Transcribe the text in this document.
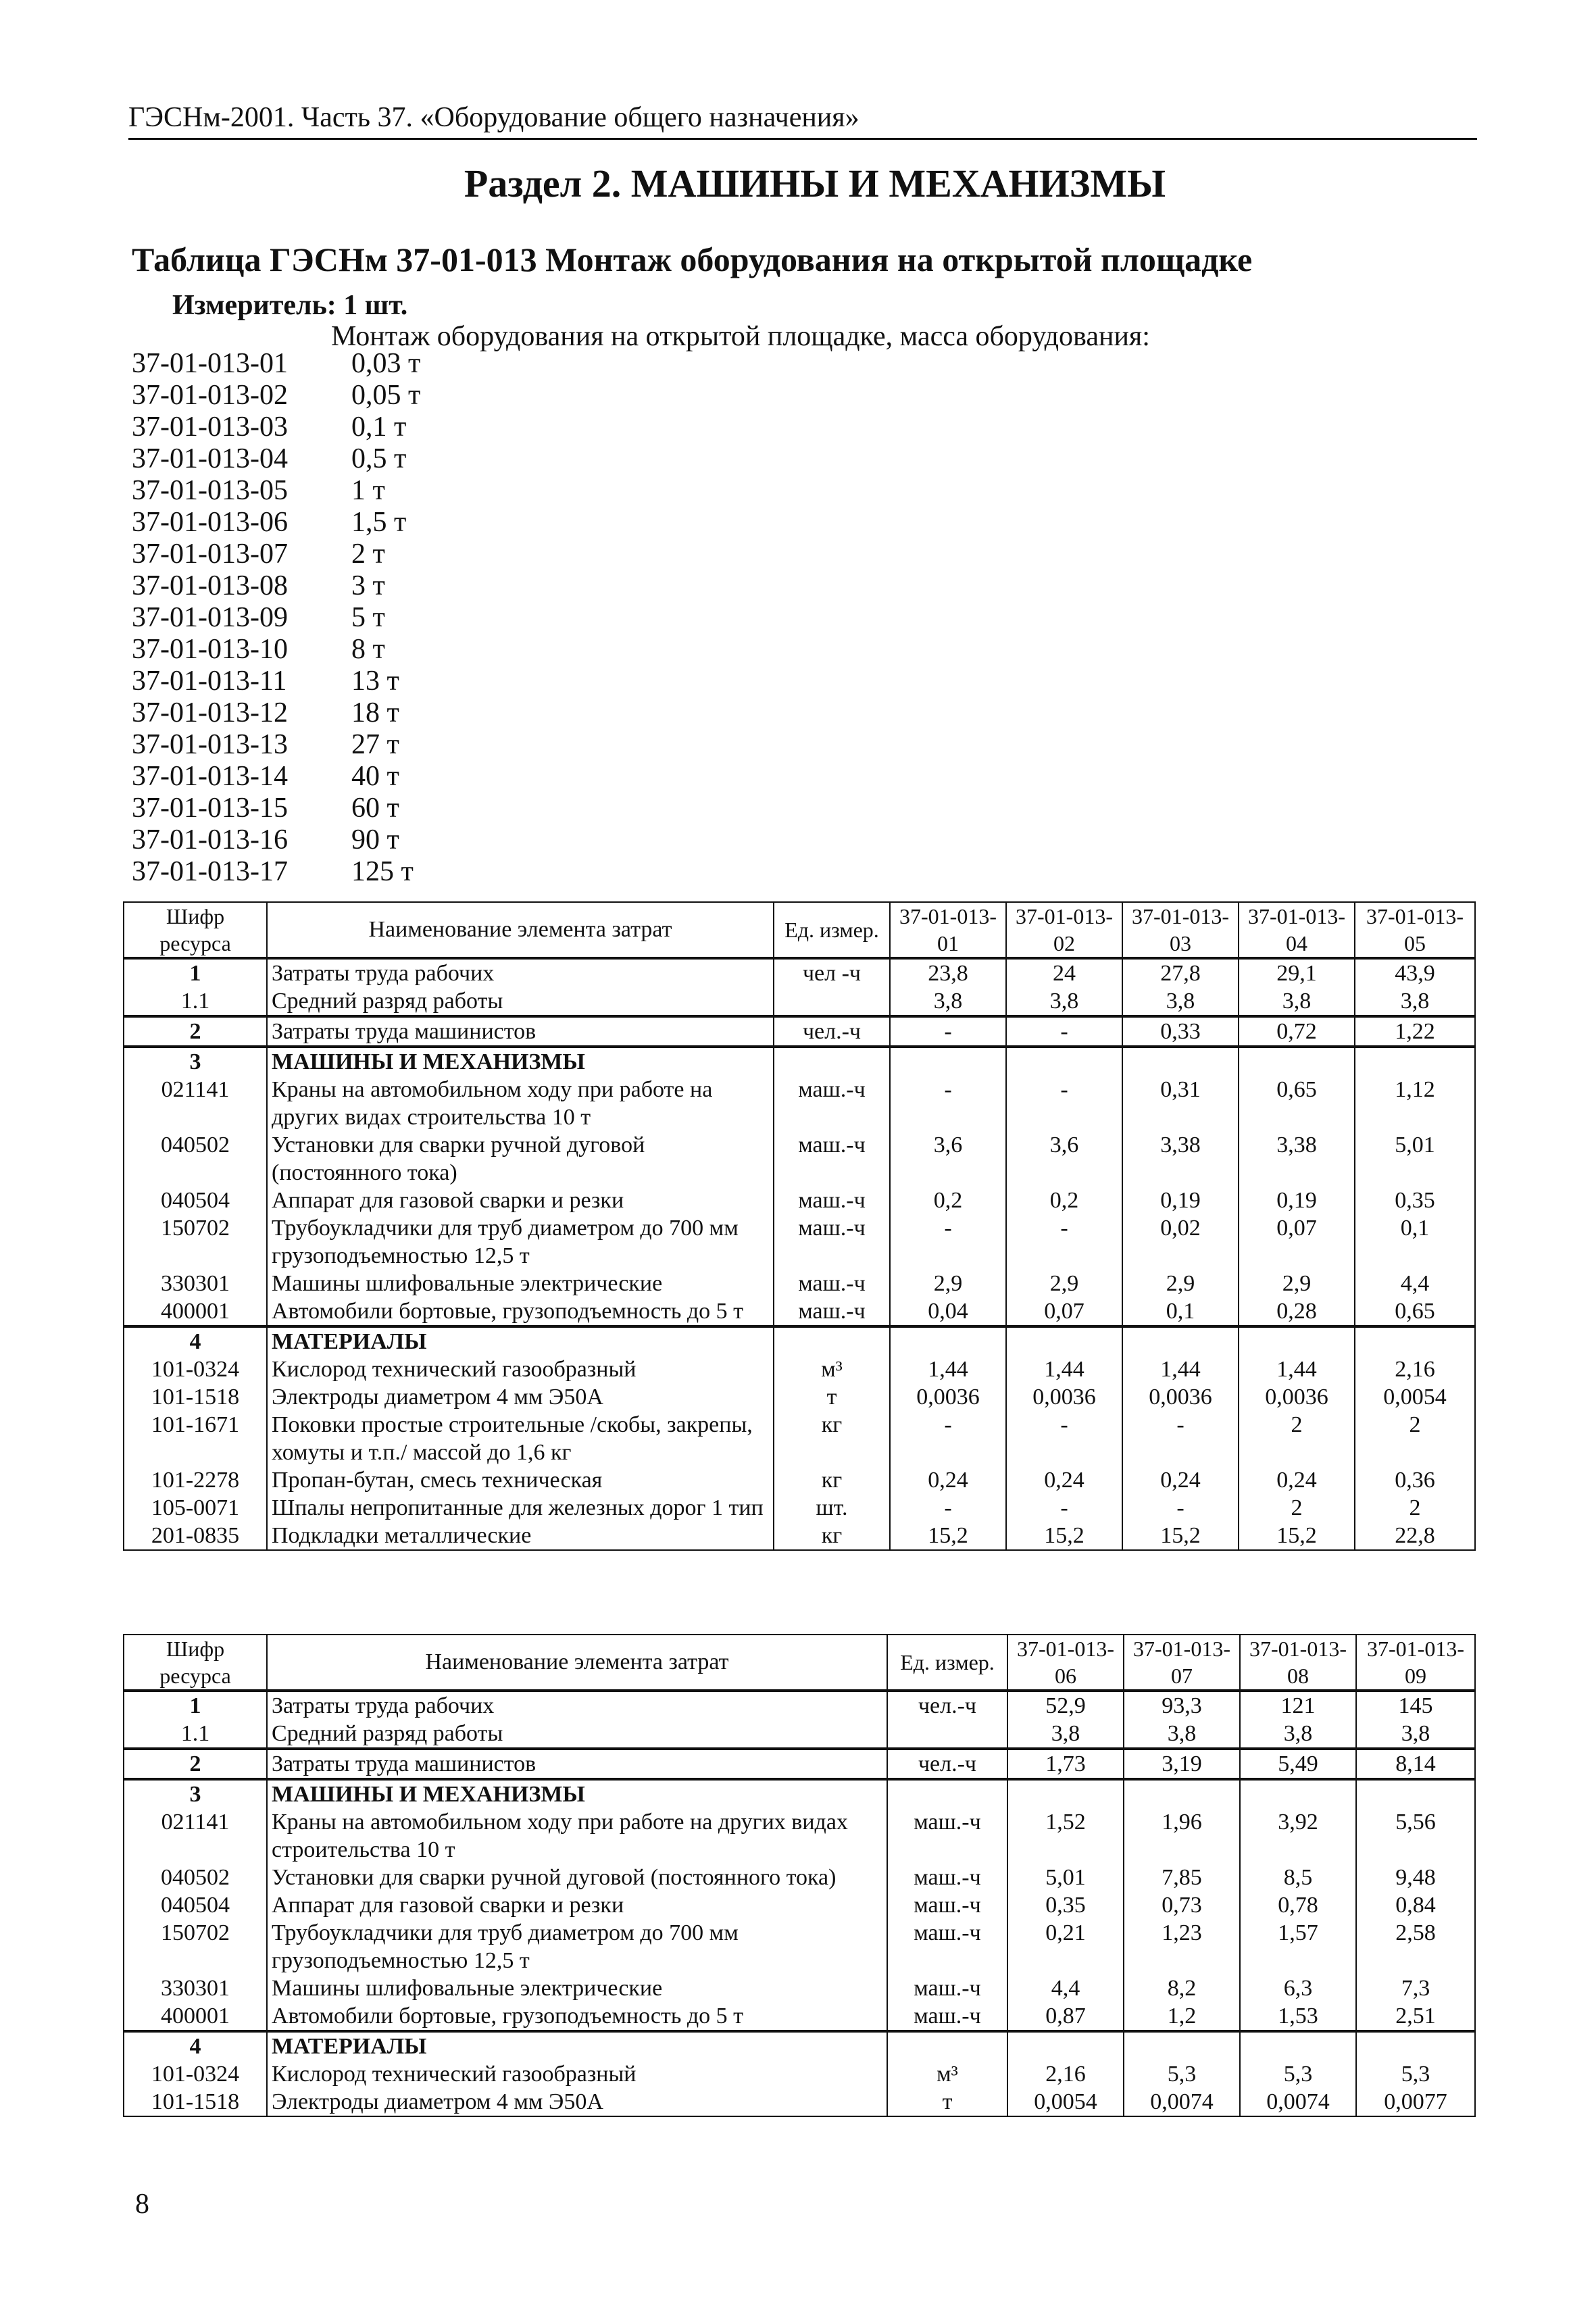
ГЭСНм-2001. Часть 37. «Оборудование общего назначения»
Раздел 2. МАШИНЫ И МЕХАНИЗМЫ
Таблица ГЭСНм 37-01-013 Монтаж оборудования на открытой площадке
Измеритель: 1 шт.
Монтаж оборудования на открытой площадке, масса оборудования:
37-01-013-01	0,03 т
37-01-013-02	0,05 т
37-01-013-03	0,1 т
37-01-013-04	0,5 т
37-01-013-05	1 т
37-01-013-06	1,5 т
37-01-013-07	2 т
37-01-013-08	3 т
37-01-013-09	5 т
37-01-013-10	8 т
37-01-013-11	13 т
37-01-013-12	18 т
37-01-013-13	27 т
37-01-013-14	40 т
37-01-013-15	60 т
37-01-013-16	90 т
37-01-013-17	125 т
Шифр ресурса	Наименование элемента затрат	Ед. измер.	37-01-013-01	37-01-013-02	37-01-013-03	37-01-013-04	37-01-013-05
1	Затраты труда рабочих	чел -ч	23,8	24	27,8	29,1	43,9
1.1	Средний разряд работы		3,8	3,8	3,8	3,8	3,8
2	Затраты труда машинистов	чел.-ч	-	-	0,33	0,72	1,22
3	МАШИНЫ И МЕХАНИЗМЫ						
021141	Краны на автомобильном ходу при работе на других видах строительства 10 т	маш.-ч	-	-	0,31	0,65	1,12
040502	Установки для сварки ручной дуговой (постоянного тока)	маш.-ч	3,6	3,6	3,38	3,38	5,01
040504	Аппарат для газовой сварки и резки	маш.-ч	0,2	0,2	0,19	0,19	0,35
150702	Трубоукладчики для труб диаметром до 700 мм грузоподъемностью 12,5 т	маш.-ч	-	-	0,02	0,07	0,1
330301	Машины шлифовальные электрические	маш.-ч	2,9	2,9	2,9	2,9	4,4
400001	Автомобили бортовые, грузоподъемность до 5 т	маш.-ч	0,04	0,07	0,1	0,28	0,65
4	МАТЕРИАЛЫ						
101-0324	Кислород технический газообразный	м³	1,44	1,44	1,44	1,44	2,16
101-1518	Электроды диаметром 4 мм Э50А	т	0,0036	0,0036	0,0036	0,0036	0,0054
101-1671	Поковки простые строительные /скобы, закрепы, хомуты и т.п./ массой до 1,6 кг	кг	-	-	-	2	2
101-2278	Пропан-бутан, смесь техническая	кг	0,24	0,24	0,24	0,24	0,36
105-0071	Шпалы непропитанные для железных дорог 1 тип	шт.	-	-	-	2	2
201-0835	Подкладки металлические	кг	15,2	15,2	15,2	15,2	22,8
Шифр ресурса	Наименование элемента затрат	Ед. измер.	37-01-013-06	37-01-013-07	37-01-013-08	37-01-013-09
1	Затраты труда рабочих	чел.-ч	52,9	93,3	121	145
1.1	Средний разряд работы		3,8	3,8	3,8	3,8
2	Затраты труда машинистов	чел.-ч	1,73	3,19	5,49	8,14
3	МАШИНЫ И МЕХАНИЗМЫ					
021141	Краны на автомобильном ходу при работе на других видах строительства 10 т	маш.-ч	1,52	1,96	3,92	5,56
040502	Установки для сварки ручной дуговой (постоянного тока)	маш.-ч	5,01	7,85	8,5	9,48
040504	Аппарат для газовой сварки и резки	маш.-ч	0,35	0,73	0,78	0,84
150702	Трубоукладчики для труб диаметром до 700 мм грузоподъемностью 12,5 т	маш.-ч	0,21	1,23	1,57	2,58
330301	Машины шлифовальные электрические	маш.-ч	4,4	8,2	6,3	7,3
400001	Автомобили бортовые, грузоподъемность до 5 т	маш.-ч	0,87	1,2	1,53	2,51
4	МАТЕРИАЛЫ					
101-0324	Кислород технический газообразный	м³	2,16	5,3	5,3	5,3
101-1518	Электроды диаметром 4 мм Э50А	т	0,0054	0,0074	0,0074	0,0077
8
